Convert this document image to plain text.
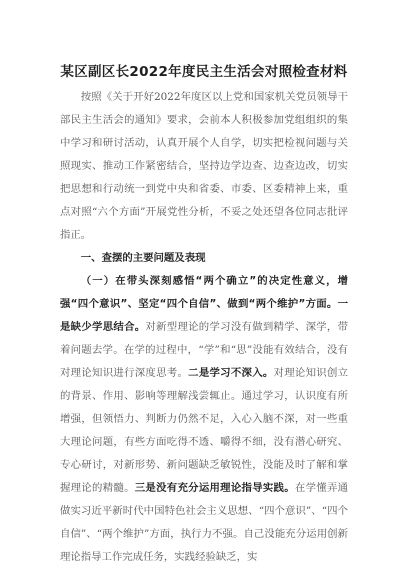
某区副区长2022年度民主生活会对照检查材料

按照《关于开好2022年度区以上党和国家机关党员领导干部民主生活会的通知》要求，会前本人积极参加党组组织的集中学习和研讨活动，认真开展个人自学，切实把检视问题与关照现实、推动工作紧密结合，坚持边学边查、边查边改，切实把思想和行动统一到党中央和省委、市委、区委精神上来，重点对照“六个方面”开展党性分析，不妥之处还望各位同志批评指正。

一、查摆的主要问题及表现

（一）在带头深刻感悟“两个确立”的决定性意义，增强“四个意识”、坚定“四个自信”、做到“两个维护”方面。一是缺少学思结合。对新型理论的学习没有做到精学、深学，带着问题去学。在学的过程中，“学”和“思”没能有效结合，没有对理论知识进行深度思考。二是学习不深入。对理论知识创立的背景、作用、影响等理解浅尝辄止。通过学习，认识度有所增强，但领悟力、判断力仍然不足，入心入脑不深，对一些重大理论问题，有些方面吃得不透、嚼得不细，没有潜心研究、专心研讨，对新形势、新问题缺乏敏锐性，没能及时了解和掌握理论的精髓。三是没有充分运用理论指导实践。在学懂弄通做实习近平新时代中国特色社会主义思想、“四个意识”、“四个自信”、“两个维护”方面，执行力不强。自己没能充分运用创新理论指导工作完成任务，实践经验缺乏，实
